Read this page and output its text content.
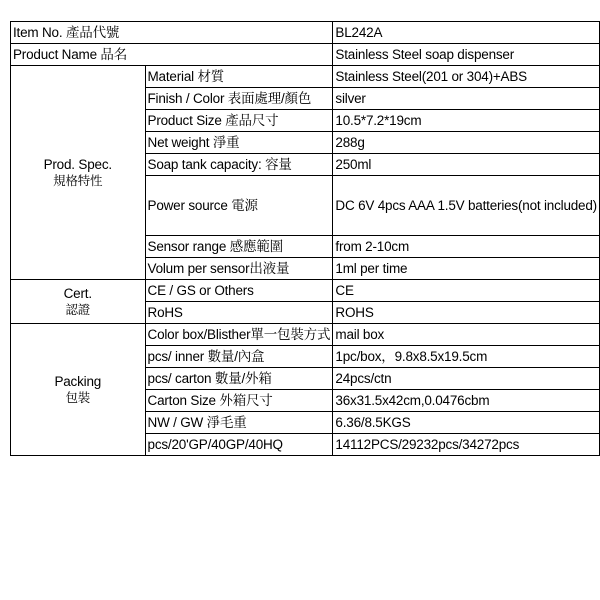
Item No. 產品代號		BL242A
Product Name 品名		Stainless Steel soap dispenser

Prod. Spec.
規格特性	Material 材質	Stainless Steel(201 or 304)+ABS
	Finish / Color 表面處理/顏色	silver
	Product Size 產品尺寸	10.5*7.2*19cm
	Net weight 淨重	288g
	Soap tank capacity: 容量	250ml
	Power source 電源	DC 6V 4pcs AAA 1.5V batteries(not included)
	Sensor range 感應範圍	from 2-10cm
	Volum per sensor出液量	1ml per time

Cert.
認證	CE / GS or Others	CE
	RoHS	ROHS

Packing
包裝	Color box/Blisther單一包裝方式	mail box
	pcs/ inner 數量/內盒	1pc/box，9.8x8.5x19.5cm
	pcs/ carton 數量/外箱	24pcs/ctn
	Carton Size 外箱尺寸	36x31.5x42cm,0.0476cbm
	NW / GW 淨毛重	6.36/8.5KGS
	pcs/20'GP/40GP/40HQ	14112PCS/29232pcs/34272pcs
